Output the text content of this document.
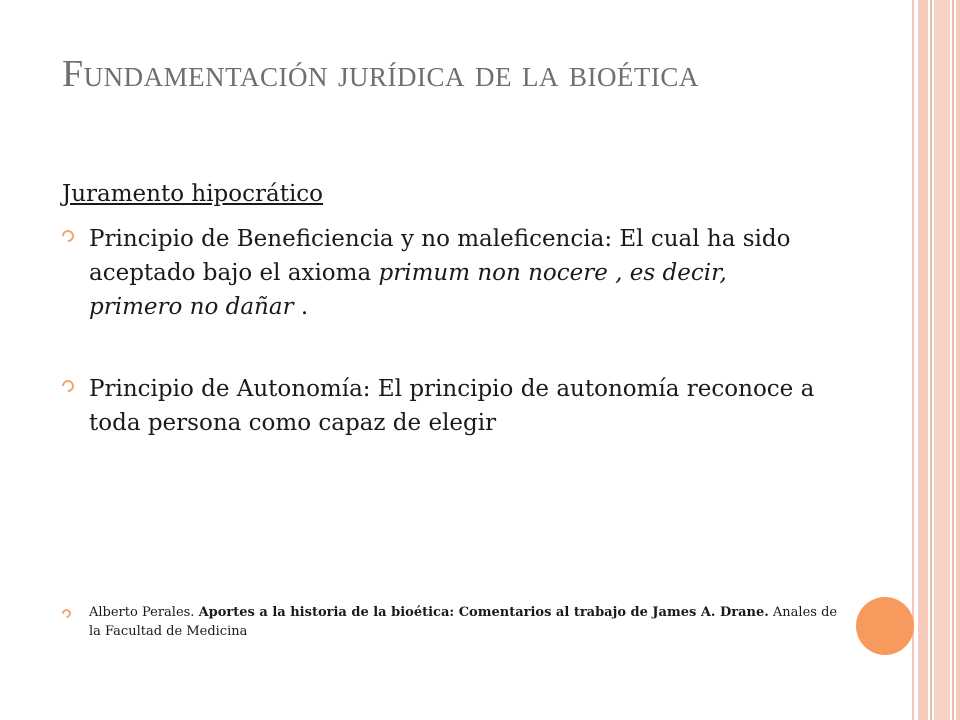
Fundamentación jurídica de la bioética
Juramento hipocrático
Principio de Beneficiencia y no maleficencia: El cual ha sido aceptado bajo el axioma primum non nocere , es decir, primero no dañar .
Principio de Autonomía: El principio de autonomía reconoce a toda persona como capaz de elegir
Alberto Perales. Aportes a la historia de la bioética: Comentarios al trabajo de James A. Drane. Anales de la Facultad de Medicina
